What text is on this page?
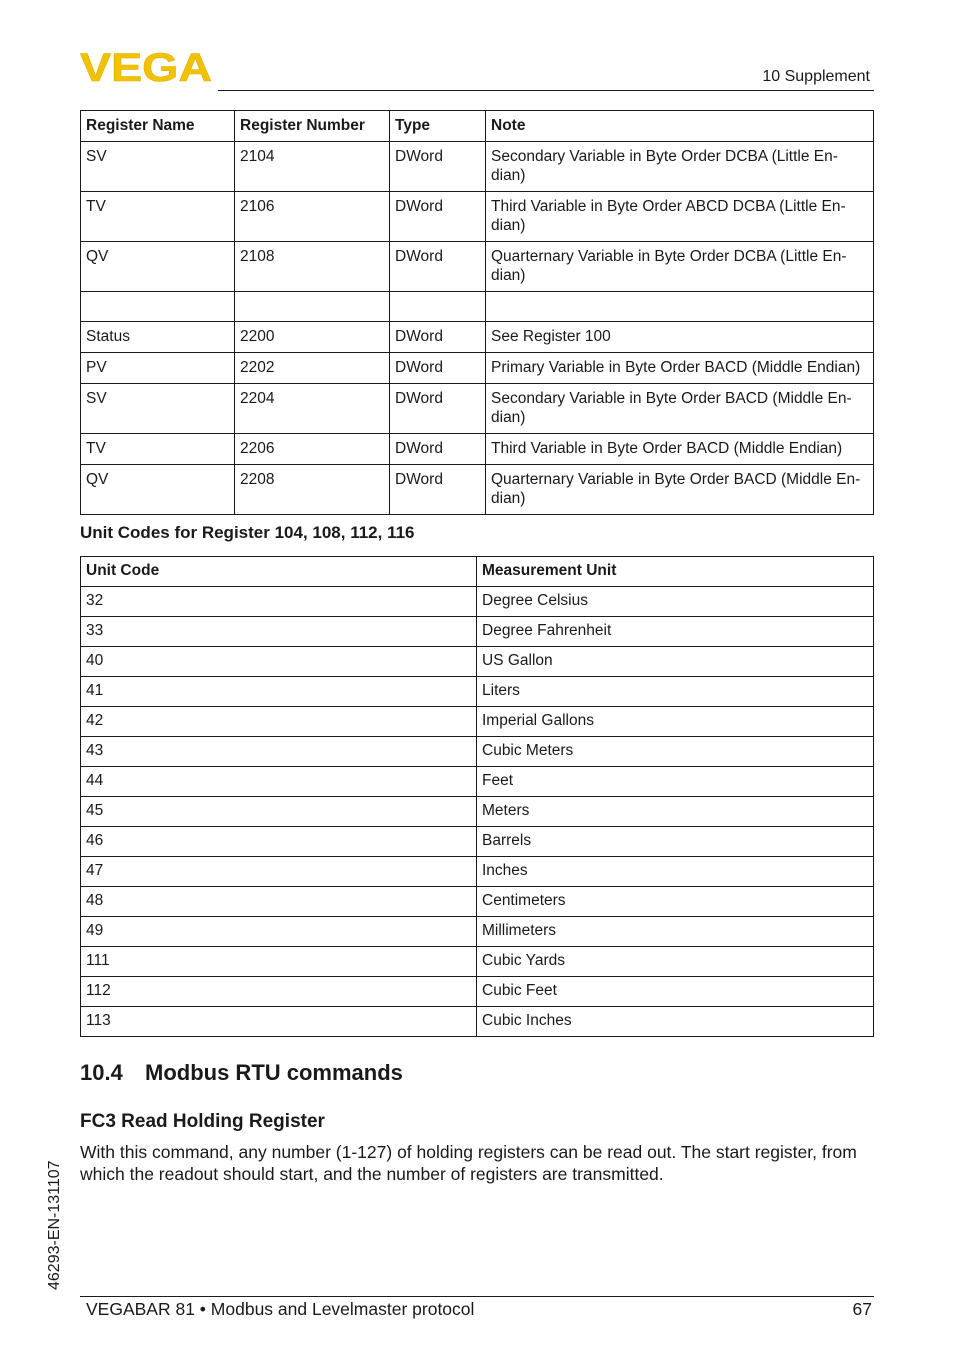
VEGA	10 Supplement
Register Name	Register Number	Type	Note
SV	2104	DWord	Secondary Variable in Byte Order DCBA (Little En-dian)
TV	2106	DWord	Third Variable in Byte Order ABCD DCBA (Little En-dian)
QV	2108	DWord	Quarternary Variable in Byte Order DCBA (Little En-dian)

Status	2200	DWord	See Register 100
PV	2202	DWord	Primary Variable in Byte Order BACD (Middle Endian)
SV	2204	DWord	Secondary Variable in Byte Order BACD (Middle En-dian)
TV	2206	DWord	Third Variable in Byte Order BACD (Middle Endian)
QV	2208	DWord	Quarternary Variable in Byte Order BACD (Middle En-dian)
Unit Codes for Register 104, 108, 112, 116
Unit Code	Measurement Unit
32	Degree Celsius
33	Degree Fahrenheit
40	US Gallon
41	Liters
42	Imperial Gallons
43	Cubic Meters
44	Feet
45	Meters
46	Barrels
47	Inches
48	Centimeters
49	Millimeters
111	Cubic Yards
112	Cubic Feet
113	Cubic Inches
10.4 Modbus RTU commands
FC3 Read Holding Register
With this command, any number (1-127) of holding registers can be read out. The start register, from which the readout should start, and the number of registers are transmitted.
46293-EN-131107
VEGABAR 81 • Modbus and Levelmaster protocol	67
